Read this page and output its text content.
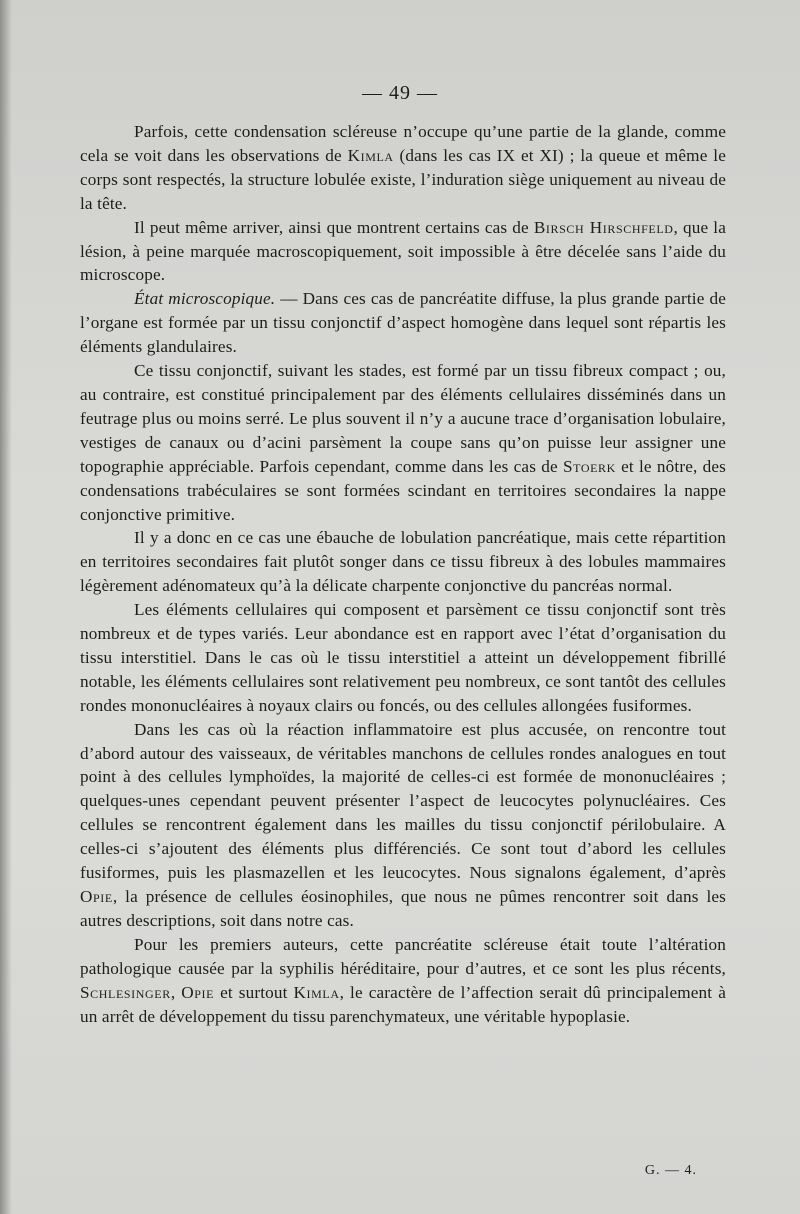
— 49 —

Parfois, cette condensation scléreuse n’occupe qu’une partie de la glande, comme cela se voit dans les observations de Kimla (dans les cas IX et XI) ; la queue et même le corps sont respectés, la structure lobulée existe, l’induration siège uniquement au niveau de la tête.

Il peut même arriver, ainsi que montrent certains cas de Birsch Hirschfeld, que la lésion, à peine marquée macroscopiquement, soit impossible à être décelée sans l’aide du microscope.

État microscopique. — Dans ces cas de pancréatite diffuse, la plus grande partie de l’organe est formée par un tissu conjonctif d’aspect homogène dans lequel sont répartis les éléments glandulaires.

Ce tissu conjonctif, suivant les stades, est formé par un tissu fibreux compact ; ou, au contraire, est constitué principalement par des éléments cellulaires disséminés dans un feutrage plus ou moins serré. Le plus souvent il n’y a aucune trace d’organisation lobulaire, vestiges de canaux ou d’acini parsèment la coupe sans qu’on puisse leur assigner une topographie appréciable. Parfois cependant, comme dans les cas de Stoerk et le nôtre, des condensations trabéculaires se sont formées scindant en territoires secondaires la nappe conjonctive primitive.

Il y a donc en ce cas une ébauche de lobulation pancréatique, mais cette répartition en territoires secondaires fait plutôt songer dans ce tissu fibreux à des lobules mammaires légèrement adénomateux qu’à la délicate charpente conjonctive du pancréas normal.

Les éléments cellulaires qui composent et parsèment ce tissu conjonctif sont très nombreux et de types variés. Leur abondance est en rapport avec l’état d’organisation du tissu interstitiel. Dans le cas où le tissu interstitiel a atteint un développement fibrillé notable, les éléments cellulaires sont relativement peu nombreux, ce sont tantôt des cellules rondes mononucléaires à noyaux clairs ou foncés, ou des cellules allongées fusiformes.

Dans les cas où la réaction inflammatoire est plus accusée, on rencontre tout d’abord autour des vaisseaux, de véritables manchons de cellules rondes analogues en tout point à des cellules lymphoïdes, la majorité de celles-ci est formée de mononucléaires ; quelques-unes cependant peuvent présenter l’aspect de leucocytes polynucléaires. Ces cellules se rencontrent également dans les mailles du tissu conjonctif périlobulaire. A celles-ci s’ajoutent des éléments plus différenciés. Ce sont tout d’abord les cellules fusiformes, puis les plasmazellen et les leucocytes. Nous signalons également, d’après Opie, la présence de cellules éosinophiles, que nous ne pûmes rencontrer soit dans les autres descriptions, soit dans notre cas.

Pour les premiers auteurs, cette pancréatite scléreuse était toute l’altération pathologique causée par la syphilis héréditaire, pour d’autres, et ce sont les plus récents, Schlesinger, Opie et surtout Kimla, le caractère de l’affection serait dû principalement à un arrêt de développement du tissu parenchymateux, une véritable hypoplasie.

G. — 4.
